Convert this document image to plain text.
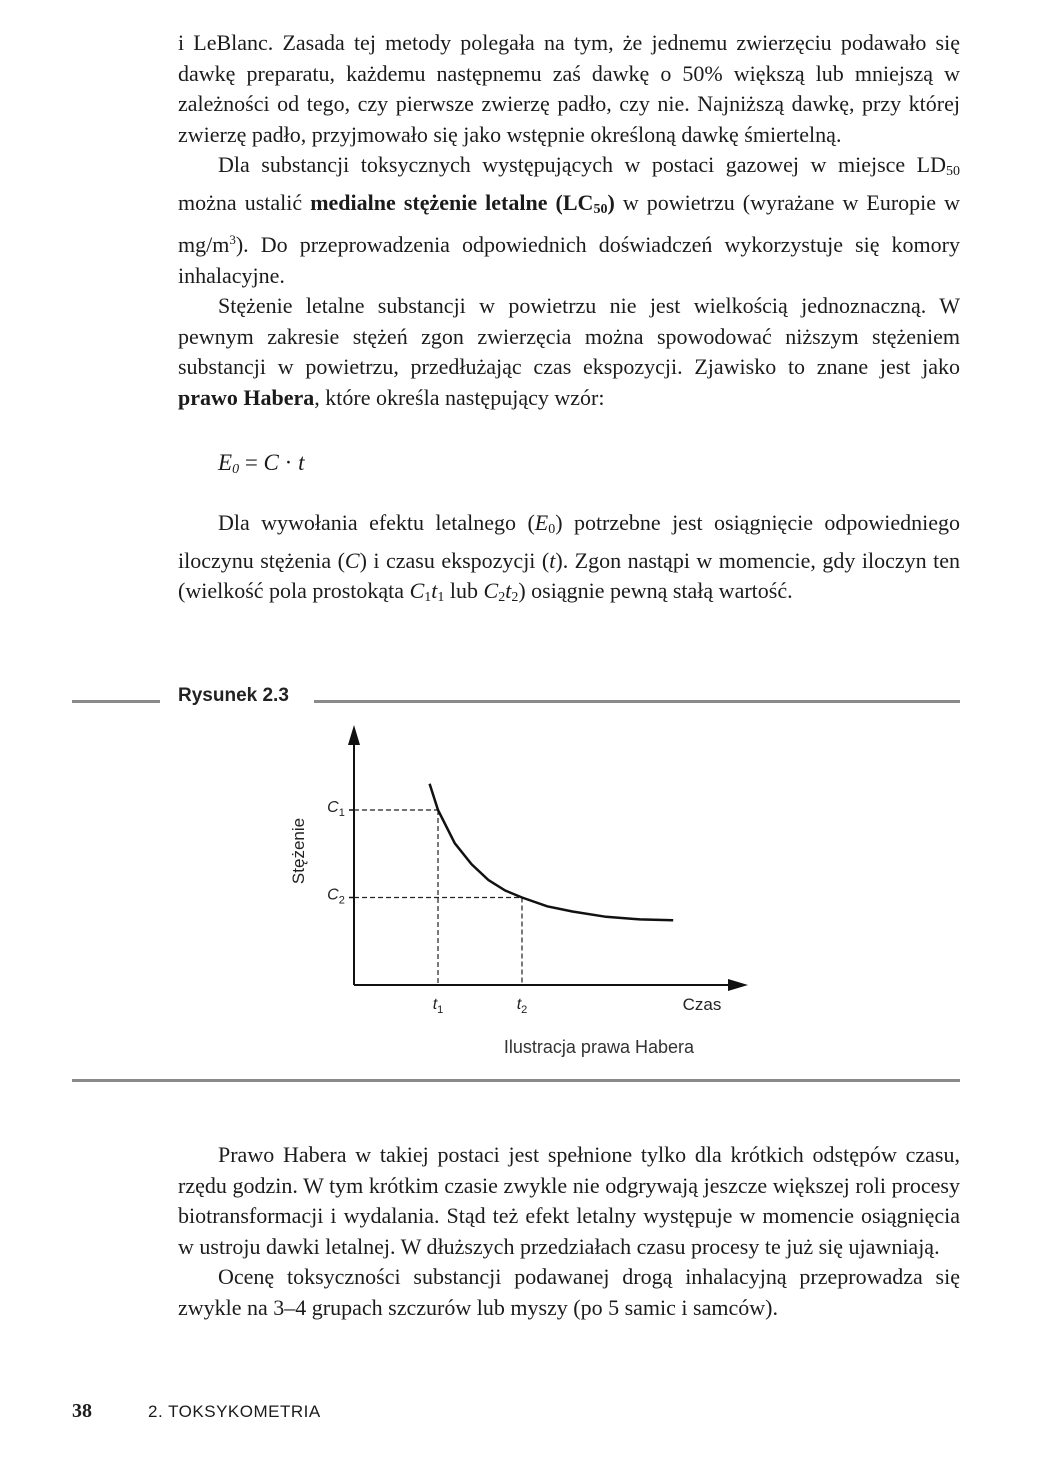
i LeBlanc. Zasada tej metody polegała na tym, że jednemu zwierzęciu podawało się dawkę preparatu, każdemu następnemu zaś dawkę o 50% większą lub mniejszą w zależności od tego, czy pierwsze zwierzę padło, czy nie. Najniższą dawkę, przy której zwierzę padło, przyjmowało się jako wstępnie określoną dawkę śmiertelną.

Dla substancji toksycznych występujących w postaci gazowej w miejsce $LD_{50}$ można ustalić medialne stężenie letalne $(LC_{50})$ w powietrzu (wyrażane w Europie w $mg/m^3$). Do przeprowadzenia odpowiednich doświadczeń wykorzystuje się komory inhalacyjne.

Stężenie letalne substancji w powietrzu nie jest wielkością jednoznaczną. W pewnym zakresie stężeń zgon zwierzęcia można spowodować niższym stężeniem substancji w powietrzu, przedłużając czas ekspozycji. Zjawisko to znane jest jako prawo Habera, które określa następujący wzór:

$E_0 = C \cdot t$

Dla wywołania efektu letalnego $(E_0)$ potrzebne jest osiągnięcie odpowiedniego iloczynu stężenia (C) i czasu ekspozycji (t). Zgon nastąpi w momencie, gdy iloczyn ten (wielkość pola prostokąta $C_1t_1$ lub $C_2t_2$) osiągnie pewną stałą wartość.

Rysunek 2.3
$C_1$
$C_2$
$t_1$	$t_2$
Stężenie
Czas
Ilustracja prawa Habera

Prawo Habera w takiej postaci jest spełnione tylko dla krótkich odstępów czasu, rzędu godzin. W tym krótkim czasie zwykle nie odgrywają jeszcze większej roli procesy biotransformacji i wydalania. Stąd też efekt letalny występuje w momencie osiągnięcia w ustroju dawki letalnej. W dłuższych przedziałach czasu procesy te już się ujawniają.

Ocenę toksyczności substancji podawanej drogą inhalacyjną przeprowadza się zwykle na 3–4 grupach szczurów lub myszy (po 5 samic i samców).

38	2. TOKSYKOMETRIA
